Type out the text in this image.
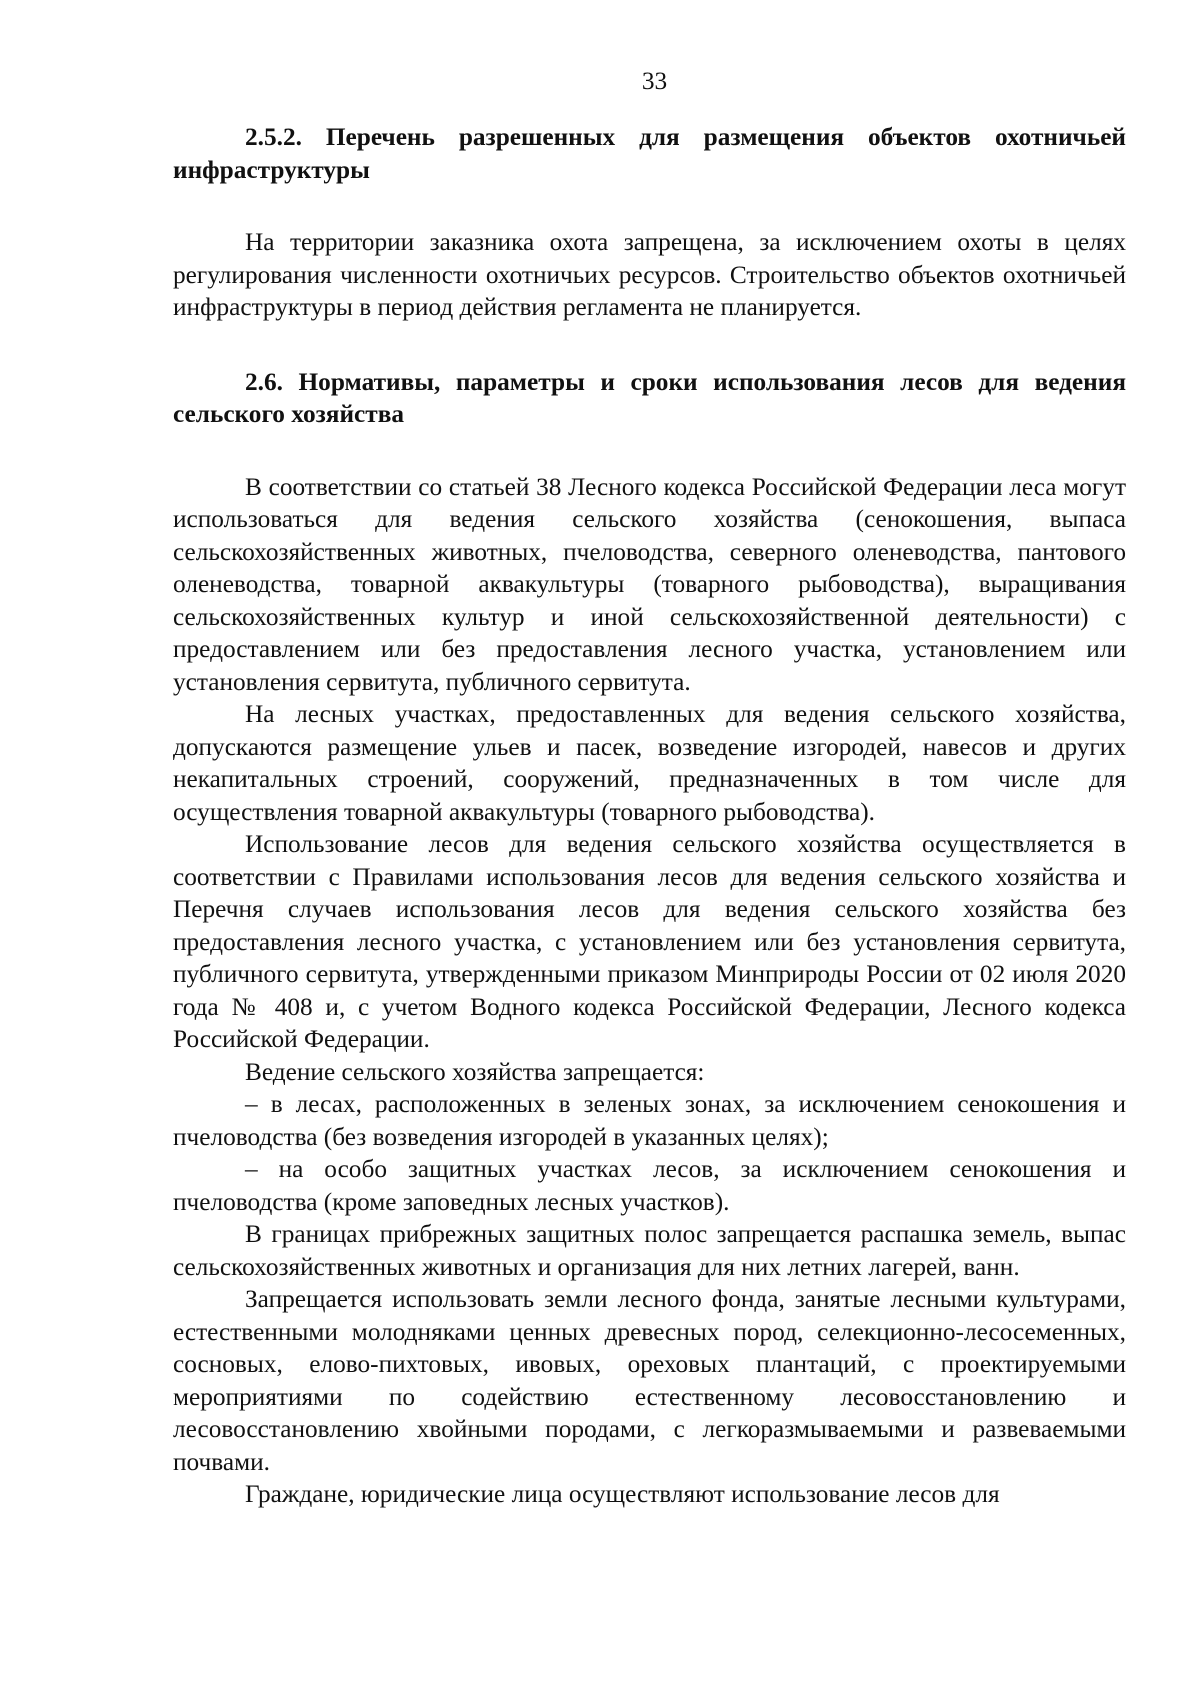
33

2.5.2. Перечень разрешенных для размещения объектов охотничьей инфраструктуры

На территории заказника охота запрещена, за исключением охоты в целях регулирования численности охотничьих ресурсов. Строительство объектов охотничьей инфраструктуры в период действия регламента не планируется.

2.6. Нормативы, параметры и сроки использования лесов для ведения сельского хозяйства

В соответствии со статьей 38 Лесного кодекса Российской Федерации леса могут использоваться для ведения сельского хозяйства (сенокошения, выпаса сельскохозяйственных животных, пчеловодства, северного оленеводства, пантового оленеводства, товарной аквакультуры (товарного рыбоводства), выращивания сельскохозяйственных культур и иной сельскохозяйственной деятельности) с предоставлением или без предоставления лесного участка, установлением или установления сервитута, публичного сервитута.

На лесных участках, предоставленных для ведения сельского хозяйства, допускаются размещение ульев и пасек, возведение изгородей, навесов и других некапитальных строений, сооружений, предназначенных в том числе для осуществления товарной аквакультуры (товарного рыбоводства).

Использование лесов для ведения сельского хозяйства осуществляется в соответствии с Правилами использования лесов для ведения сельского хозяйства и Перечня случаев использования лесов для ведения сельского хозяйства без предоставления лесного участка, с установлением или без установления сервитута, публичного сервитута, утвержденными приказом Минприроды России от 02 июля 2020 года № 408 и, с учетом Водного кодекса Российской Федерации, Лесного кодекса Российской Федерации.

Ведение сельского хозяйства запрещается:

– в лесах, расположенных в зеленых зонах, за исключением сенокошения и пчеловодства (без возведения изгородей в указанных целях);

– на особо защитных участках лесов, за исключением сенокошения и пчеловодства (кроме заповедных лесных участков).

В границах прибрежных защитных полос запрещается распашка земель, выпас сельскохозяйственных животных и организация для них летних лагерей, ванн.

Запрещается использовать земли лесного фонда, занятые лесными культурами, естественными молодняками ценных древесных пород, селекционно-лесосеменных, сосновых, елово-пихтовых, ивовых, ореховых плантаций, с проектируемыми мероприятиями по содействию естественному лесовосстановлению и лесовосстановлению хвойными породами, с легкоразмываемыми и развеваемыми почвами.

Граждане, юридические лица осуществляют использование лесов для
